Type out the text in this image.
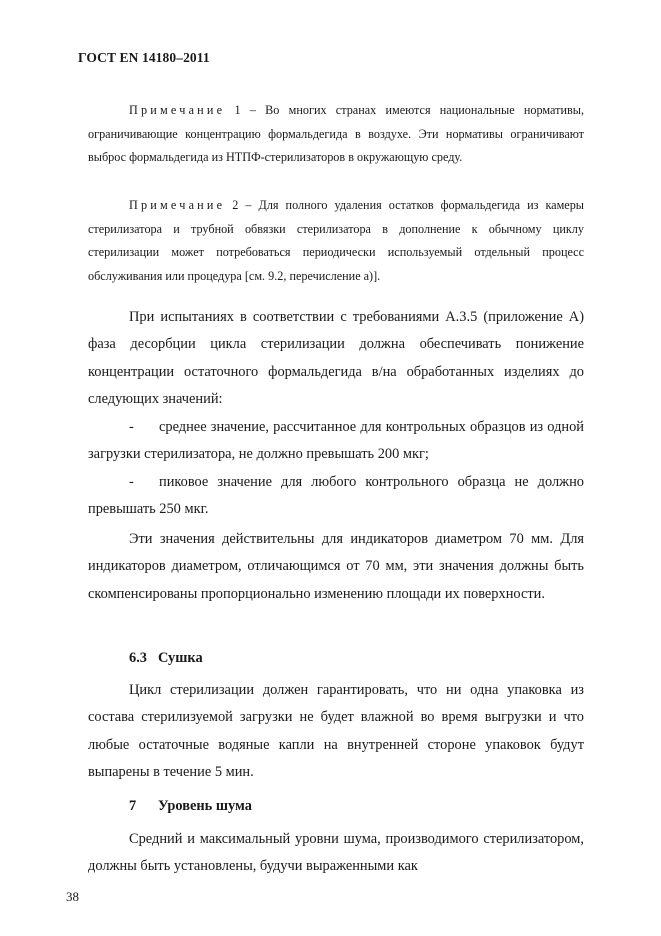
ГОСТ EN 14180–2011

Примечание 1 – Во многих странах имеются национальные нормативы, ограничивающие концентрацию формальдегида в воздухе. Эти нормативы ограничивают выброс формальдегида из НТПФ-стерилизаторов в окружающую среду.

Примечание 2 – Для полного удаления остатков формальдегида из камеры стерилизатора и трубной обвязки стерилизатора в дополнение к обычному циклу стерилизации может потребоваться периодически используемый отдельный процесс обслуживания или процедура [см. 9.2, перечисление а)].

При испытаниях в соответствии с требованиями А.3.5 (приложение А) фаза десорбции цикла стерилизации должна обеспечивать понижение концентрации остаточного формальдегида в/на обработанных изделиях до следующих значений:

- среднее значение, рассчитанное для контрольных образцов из одной загрузки стерилизатора, не должно превышать 200 мкг;

- пиковое значение для любого контрольного образца не должно превышать 250 мкг.

Эти значения действительны для индикаторов диаметром 70 мм. Для индикаторов диаметром, отличающимся от 70 мм, эти значения должны быть скомпенсированы пропорционально изменению площади их поверхности.

6.3 Сушка

Цикл стерилизации должен гарантировать, что ни одна упаковка из состава стерилизуемой загрузки не будет влажной во время выгрузки и что любые остаточные водяные капли на внутренней стороне упаковок будут выпарены в течение 5 мин.

7 Уровень шума

Средний и максимальный уровни шума, производимого стерилизатором, должны быть установлены, будучи выраженными как

38
